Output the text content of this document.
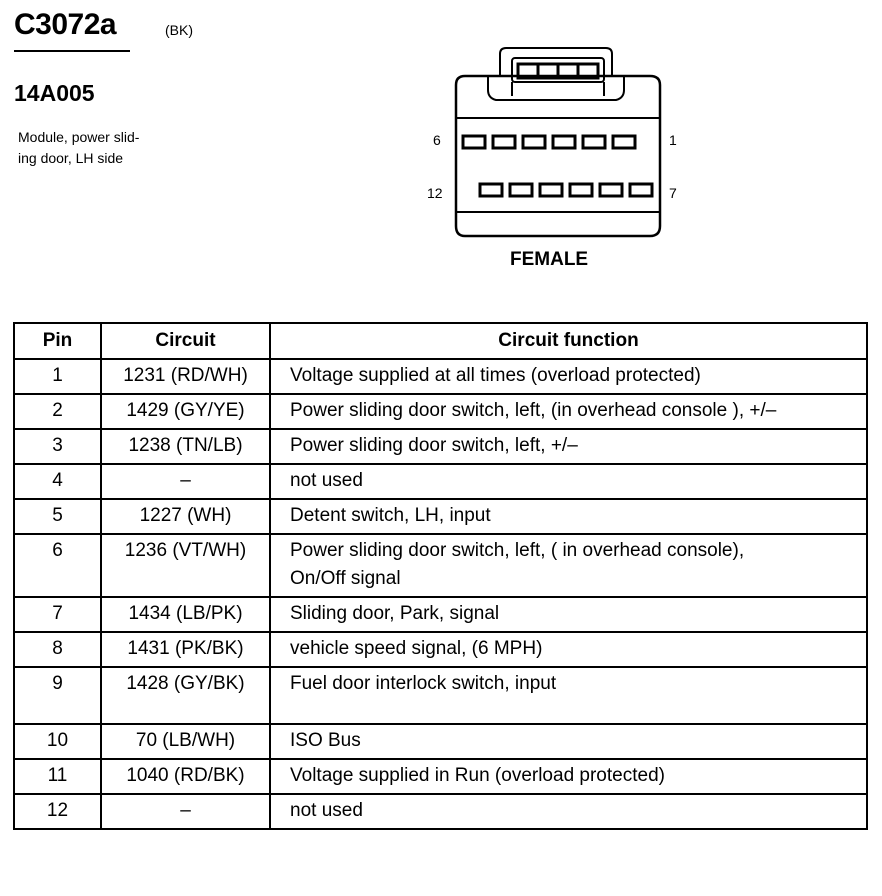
C3072a	(BK)
14A005
Module, power slid-
ing door, LH side
6	1
12	7
FEMALE
Pin	Circuit	Circuit function
1	1231 (RD/WH)	Voltage supplied at all times (overload protected)
2	1429 (GY/YE)	Power sliding door switch, left, (in overhead console ), +/–
3	1238 (TN/LB)	Power sliding door switch, left, +/–
4	–	not used
5	1227 (WH)	Detent switch, LH, input
6	1236 (VT/WH)	Power sliding door switch, left, ( in overhead console),
On/Off signal
7	1434 (LB/PK)	Sliding door, Park, signal
8	1431 (PK/BK)	vehicle speed signal, (6 MPH)
9	1428 (GY/BK)	Fuel door interlock switch, input
10	70 (LB/WH)	ISO Bus
11	1040 (RD/BK)	Voltage supplied in Run (overload protected)
12	–	not used
